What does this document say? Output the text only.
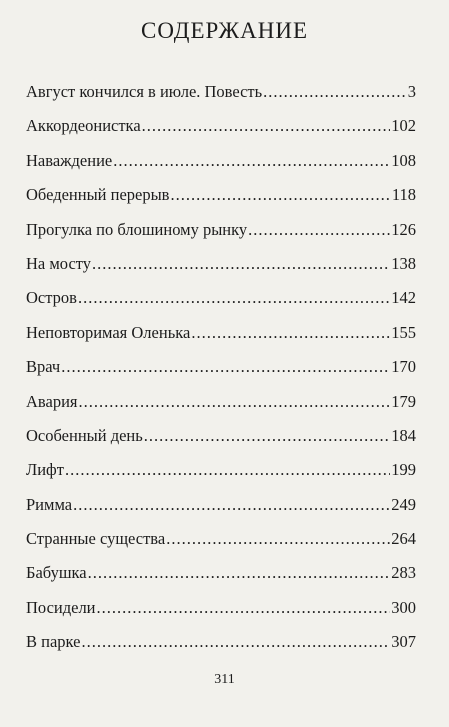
СОДЕРЖАНИЕ
Август кончился в июле. Повесть .....	3
Аккордеонистка .....	102
Наваждение .....	108
Обеденный перерыв .....	118
Прогулка по блошиному рынку .....	126
На мосту .....	138
Остров .....	142
Неповторимая Оленька .....	155
Врач .....	170
Авария .....	179
Особенный день .....	184
Лифт .....	199
Римма .....	249
Странные существа .....	264
Бабушка .....	283
Посидели .....	300
В парке .....	307
311
